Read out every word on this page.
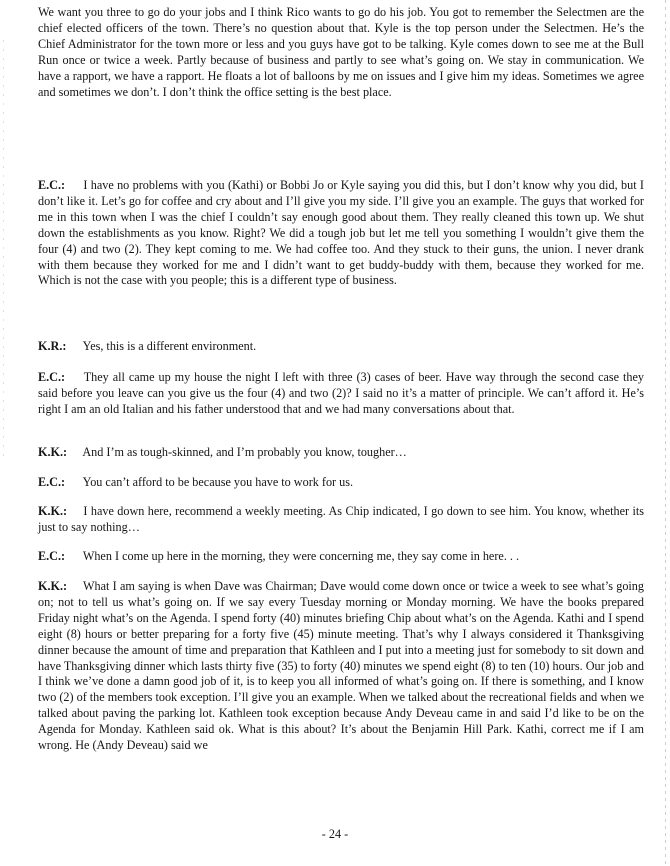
We want you three to go do your jobs and I think Rico wants to go do his job. You got to remember the Selectmen are the chief elected officers of the town. There’s no question about that. Kyle is the top person under the Selectmen. He’s the Chief Administrator for the town more or less and you guys have got to be talking. Kyle comes down to see me at the Bull Run once or twice a week. Partly because of business and partly to see what’s going on. We stay in communication. We have a rapport, we have a rapport. He floats a lot of balloons by me on issues and I give him my ideas. Sometimes we agree and sometimes we don’t. I don’t think the office setting is the best place.

E.C.: I have no problems with you (Kathi) or Bobbi Jo or Kyle saying you did this, but I don’t know why you did, but I don’t like it. Let’s go for coffee and cry about and I’ll give you my side. I’ll give you an example. The guys that worked for me in this town when I was the chief I couldn’t say enough good about them. They really cleaned this town up. We shut down the establishments as you know. Right? We did a tough job but let me tell you something I wouldn’t give them the four (4) and two (2). They kept coming to me. We had coffee too. And they stuck to their guns, the union. I never drank with them because they worked for me and I didn’t want to get buddy-buddy with them, because they worked for me. Which is not the case with you people; this is a different type of business.

K.R.: Yes, this is a different environment.

E.C.: They all came up my house the night I left with three (3) cases of beer. Have way through the second case they said before you leave can you give us the four (4) and two (2)? I said no it’s a matter of principle. We can’t afford it. He’s right I am an old Italian and his father understood that and we had many conversations about that.

K.K.: And I’m as tough-skinned, and I’m probably you know, tougher…

E.C.: You can’t afford to be because you have to work for us.

K.K.: I have down here, recommend a weekly meeting. As Chip indicated, I go down to see him. You know, whether its just to say nothing…

E.C.: When I come up here in the morning, they were concerning me, they say come in here. . .

K.K.: What I am saying is when Dave was Chairman; Dave would come down once or twice a week to see what’s going on; not to tell us what’s going on. If we say every Tuesday morning or Monday morning. We have the books prepared Friday night what’s on the Agenda. I spend forty (40) minutes briefing Chip about what’s on the Agenda. Kathi and I spend eight (8) hours or better preparing for a forty five (45) minute meeting. That’s why I always considered it Thanksgiving dinner because the amount of time and preparation that Kathleen and I put into a meeting just for somebody to sit down and have Thanksgiving dinner which lasts thirty five (35) to forty (40) minutes we spend eight (8) to ten (10) hours. Our job and I think we’ve done a damn good job of it, is to keep you all informed of what’s going on. If there is something, and I know two (2) of the members took exception. I’ll give you an example. When we talked about the recreational fields and when we talked about paving the parking lot. Kathleen took exception because Andy Deveau came in and said I’d like to be on the Agenda for Monday. Kathleen said ok. What is this about? It’s about the Benjamin Hill Park. Kathi, correct me if I am wrong. He (Andy Deveau) said we

- 24 -
